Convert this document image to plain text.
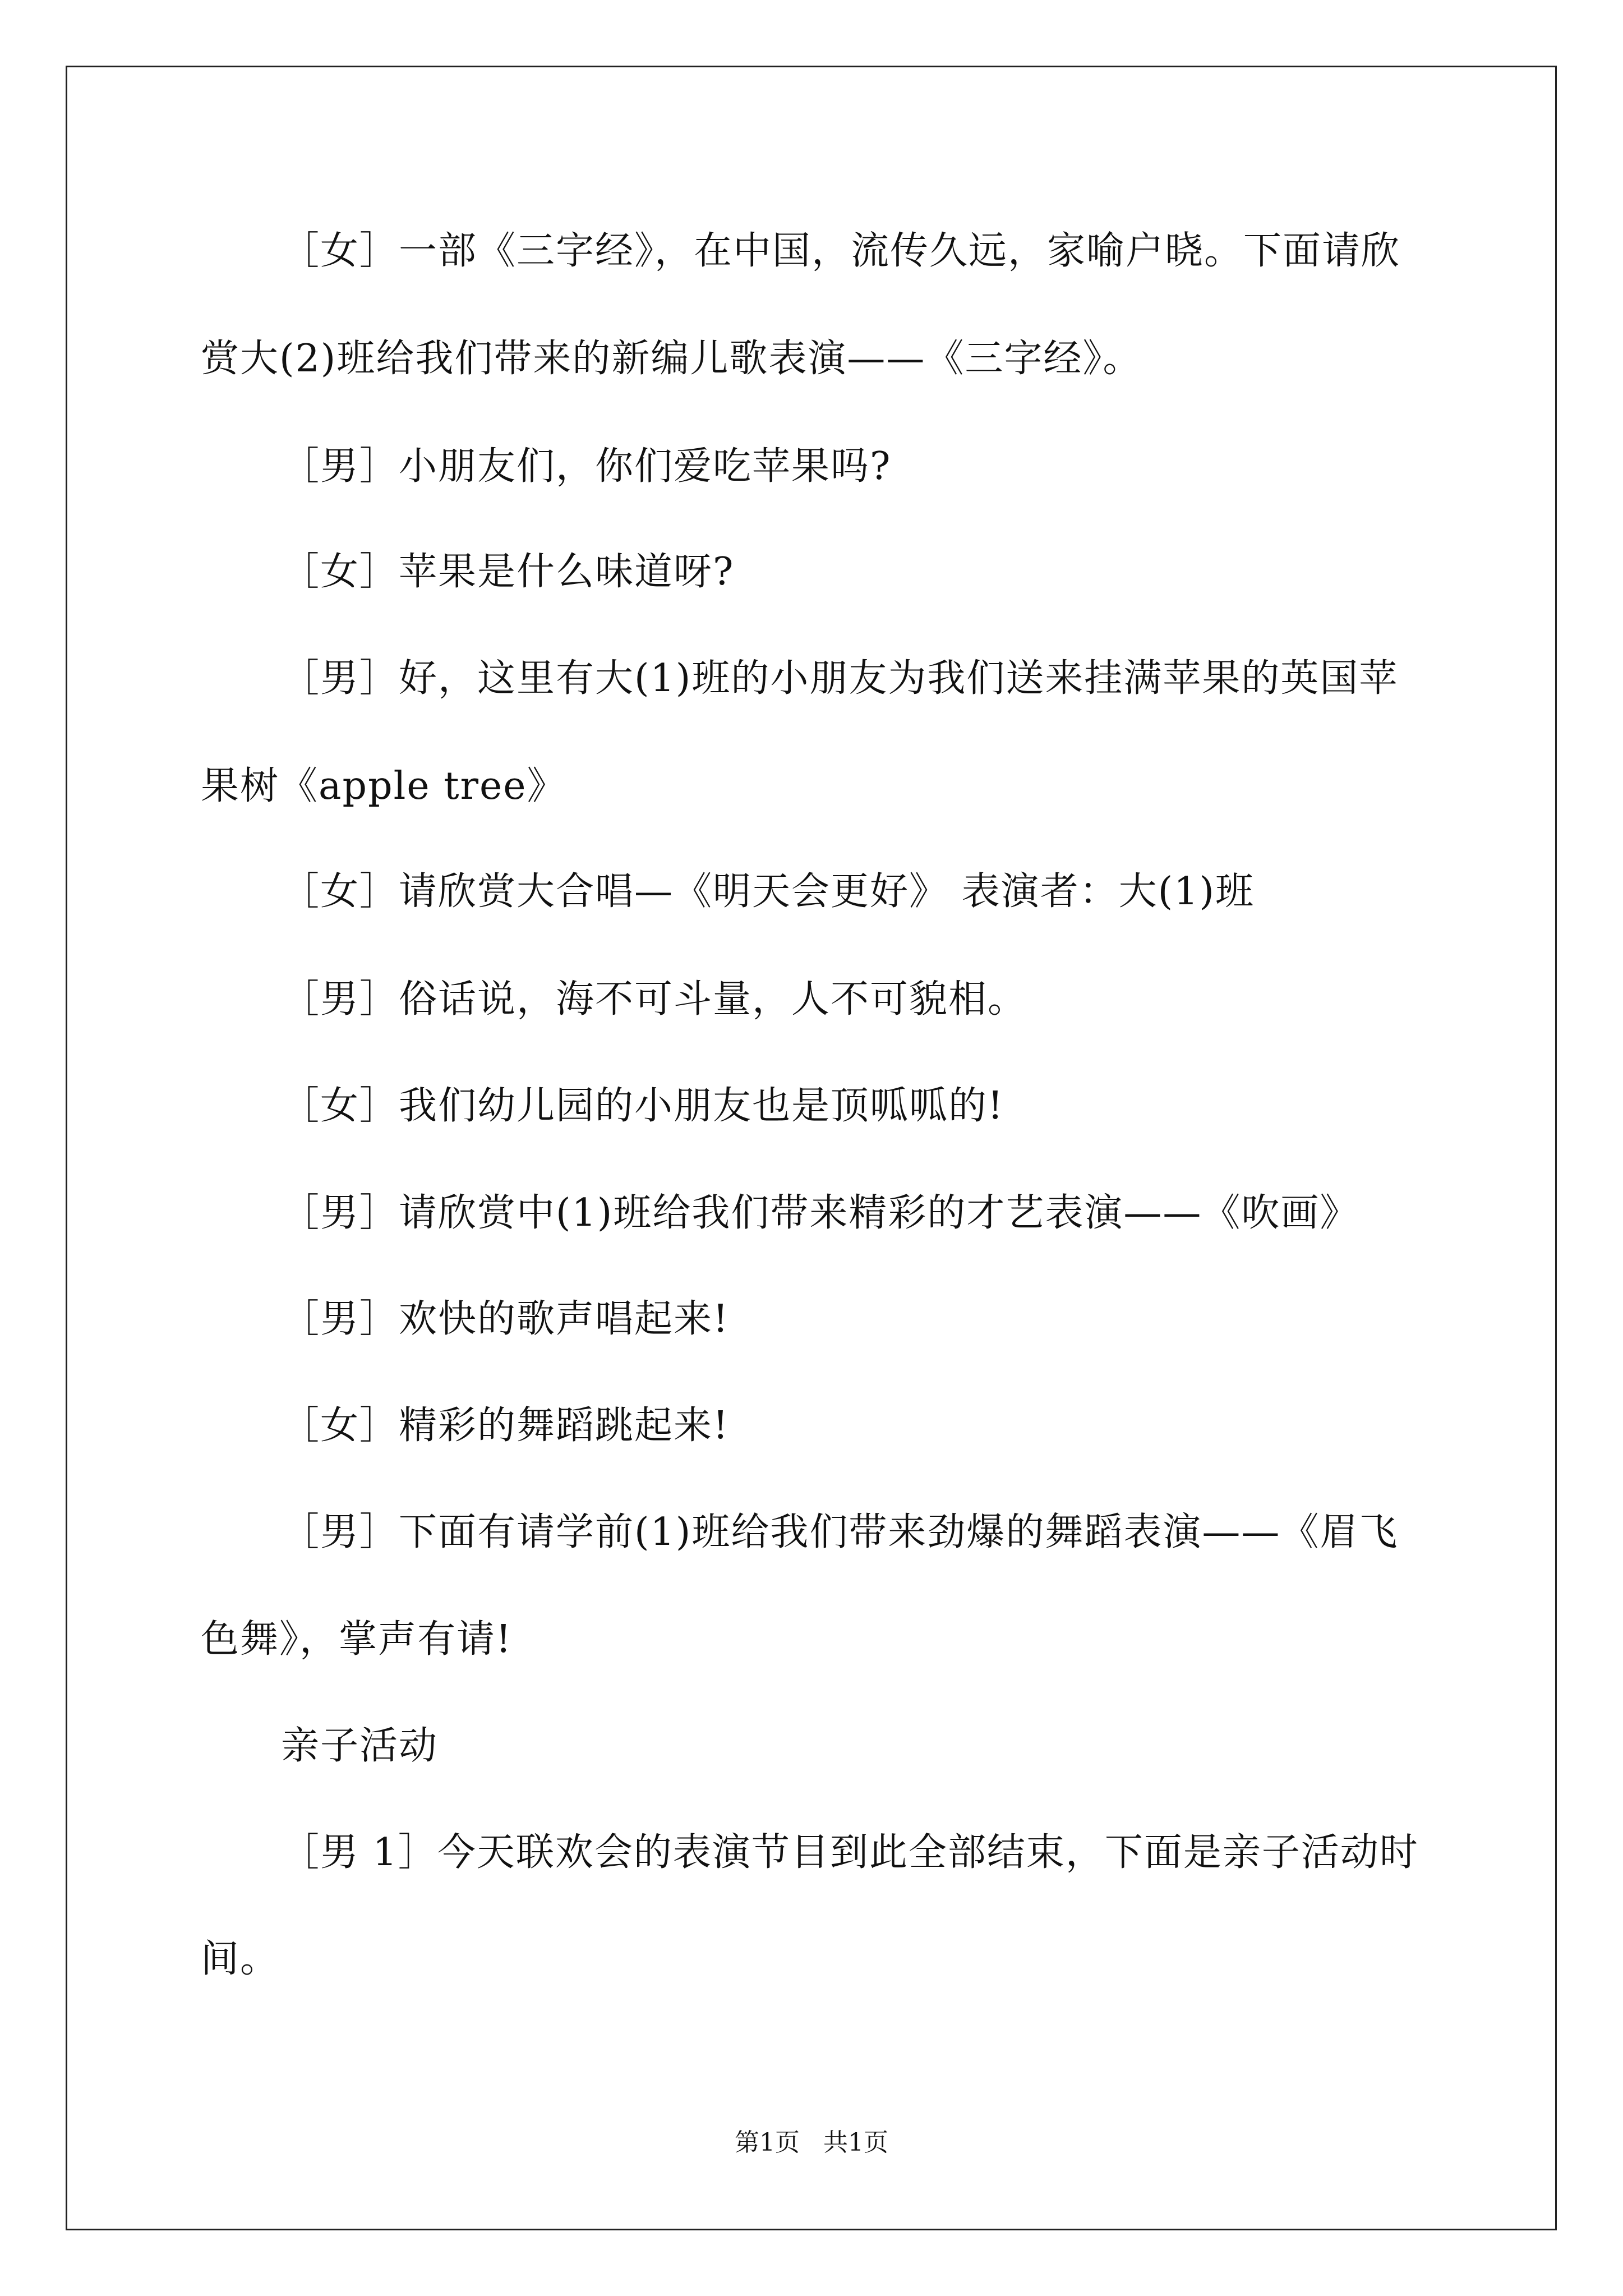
［女］一部《三字经》，在中国，流传久远，家喻户晓。下面请欣
赏大(2)班给我们带来的新编儿歌表演——《三字经》。
［男］小朋友们，你们爱吃苹果吗?
［女］苹果是什么味道呀?
［男］好，这里有大(1)班的小朋友为我们送来挂满苹果的英国苹
果树《apple tree》
［女］请欣赏大合唱—《明天会更好》 表演者：大(1)班
［男］俗话说，海不可斗量，人不可貌相。
［女］我们幼儿园的小朋友也是顶呱呱的!
［男］请欣赏中(1)班给我们带来精彩的才艺表演——《吹画》
［男］欢快的歌声唱起来!
［女］精彩的舞蹈跳起来!
［男］下面有请学前(1)班给我们带来劲爆的舞蹈表演——《眉飞
色舞》，掌声有请!
亲子活动
［男 1］今天联欢会的表演节目到此全部结束，下面是亲子活动时
间。
第1页 共1页
